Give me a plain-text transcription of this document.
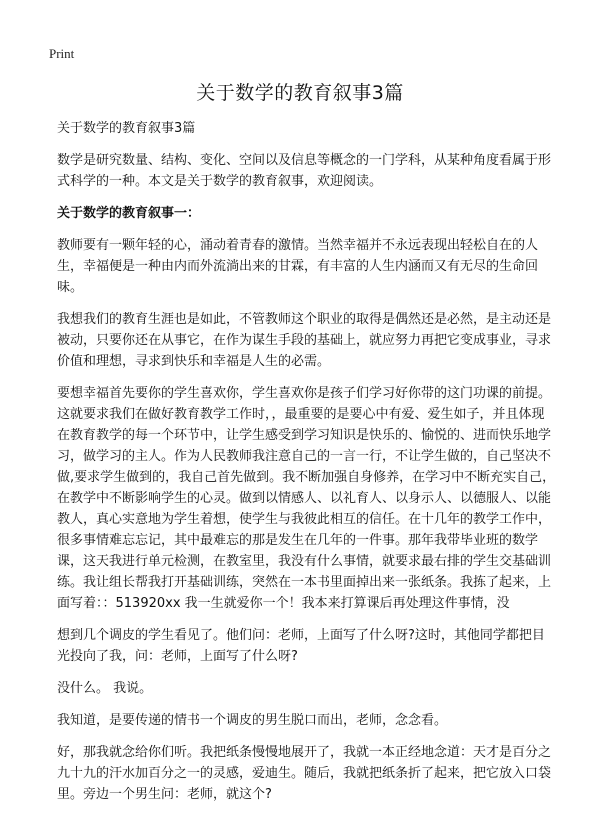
Print
关于数学的教育叙事3篇

关于数学的教育叙事3篇

数学是研究数量、结构、变化、空间以及信息等概念的一门学科，从某种角度看属于形式科学的一种。本文是关于数学的教育叙事，欢迎阅读。

关于数学的教育叙事一：

教师要有一颗年轻的心，涌动着青春的激情。当然幸福并不永远表现出轻松自在的人生，幸福便是一种由内而外流淌出来的甘霖，有丰富的人生内涵而又有无尽的生命回味。

我想我们的教育生涯也是如此，不管教师这个职业的取得是偶然还是必然，是主动还是被动，只要你还在从事它，在作为谋生手段的基础上，就应努力再把它变成事业，寻求价值和理想，寻求到快乐和幸福是人生的必需。

要想幸福首先要你的学生喜欢你，学生喜欢你是孩子们学习好你带的这门功课的前提。这就要求我们在做好教育教学工作时，，最重要的是要心中有爱、爱生如子，并且体现在教育教学的每一个环节中，让学生感受到学习知识是快乐的、愉悦的、进而快乐地学习，做学习的主人。作为人民教师我注意自己的一言一行，不让学生做的，自己坚决不做,要求学生做到的，我自己首先做到。我不断加强自身修养，在学习中不断充实自己，在教学中不断影响学生的心灵。做到以情感人、以礼育人、以身示人、以德服人、以能教人，真心实意地为学生着想，使学生与我彼此相互的信任。在十几年的教学工作中，很多事情难忘忘记，其中最难忘的那是发生在几年的一件事。那年我带毕业班的数学课，这天我进行单元检测，在教室里，我没有什么事情，就要求最右排的学生交基础训练。我让组长帮我打开基础训练，突然在一本书里面掉出来一张纸条。我拣了起来，上面写着：：513920xx 我一生就爱你一个！我本来打算课后再处理这件事情，没

想到几个调皮的学生看见了。他们问：老师，上面写了什么呀?这时，其他同学都把目光投向了我，问：老师，上面写了什么呀?

没什么。 我说。

我知道，是要传递的情书一个调皮的男生脱口而出，老师，念念看。

好，那我就念给你们听。我把纸条慢慢地展开了，我就一本正经地念道：天才是百分之九十九的汗水加百分之一的灵感，爱迪生。随后，我就把纸条折了起来，把它放入口袋里。旁边一个男生问：老师，就这个?
